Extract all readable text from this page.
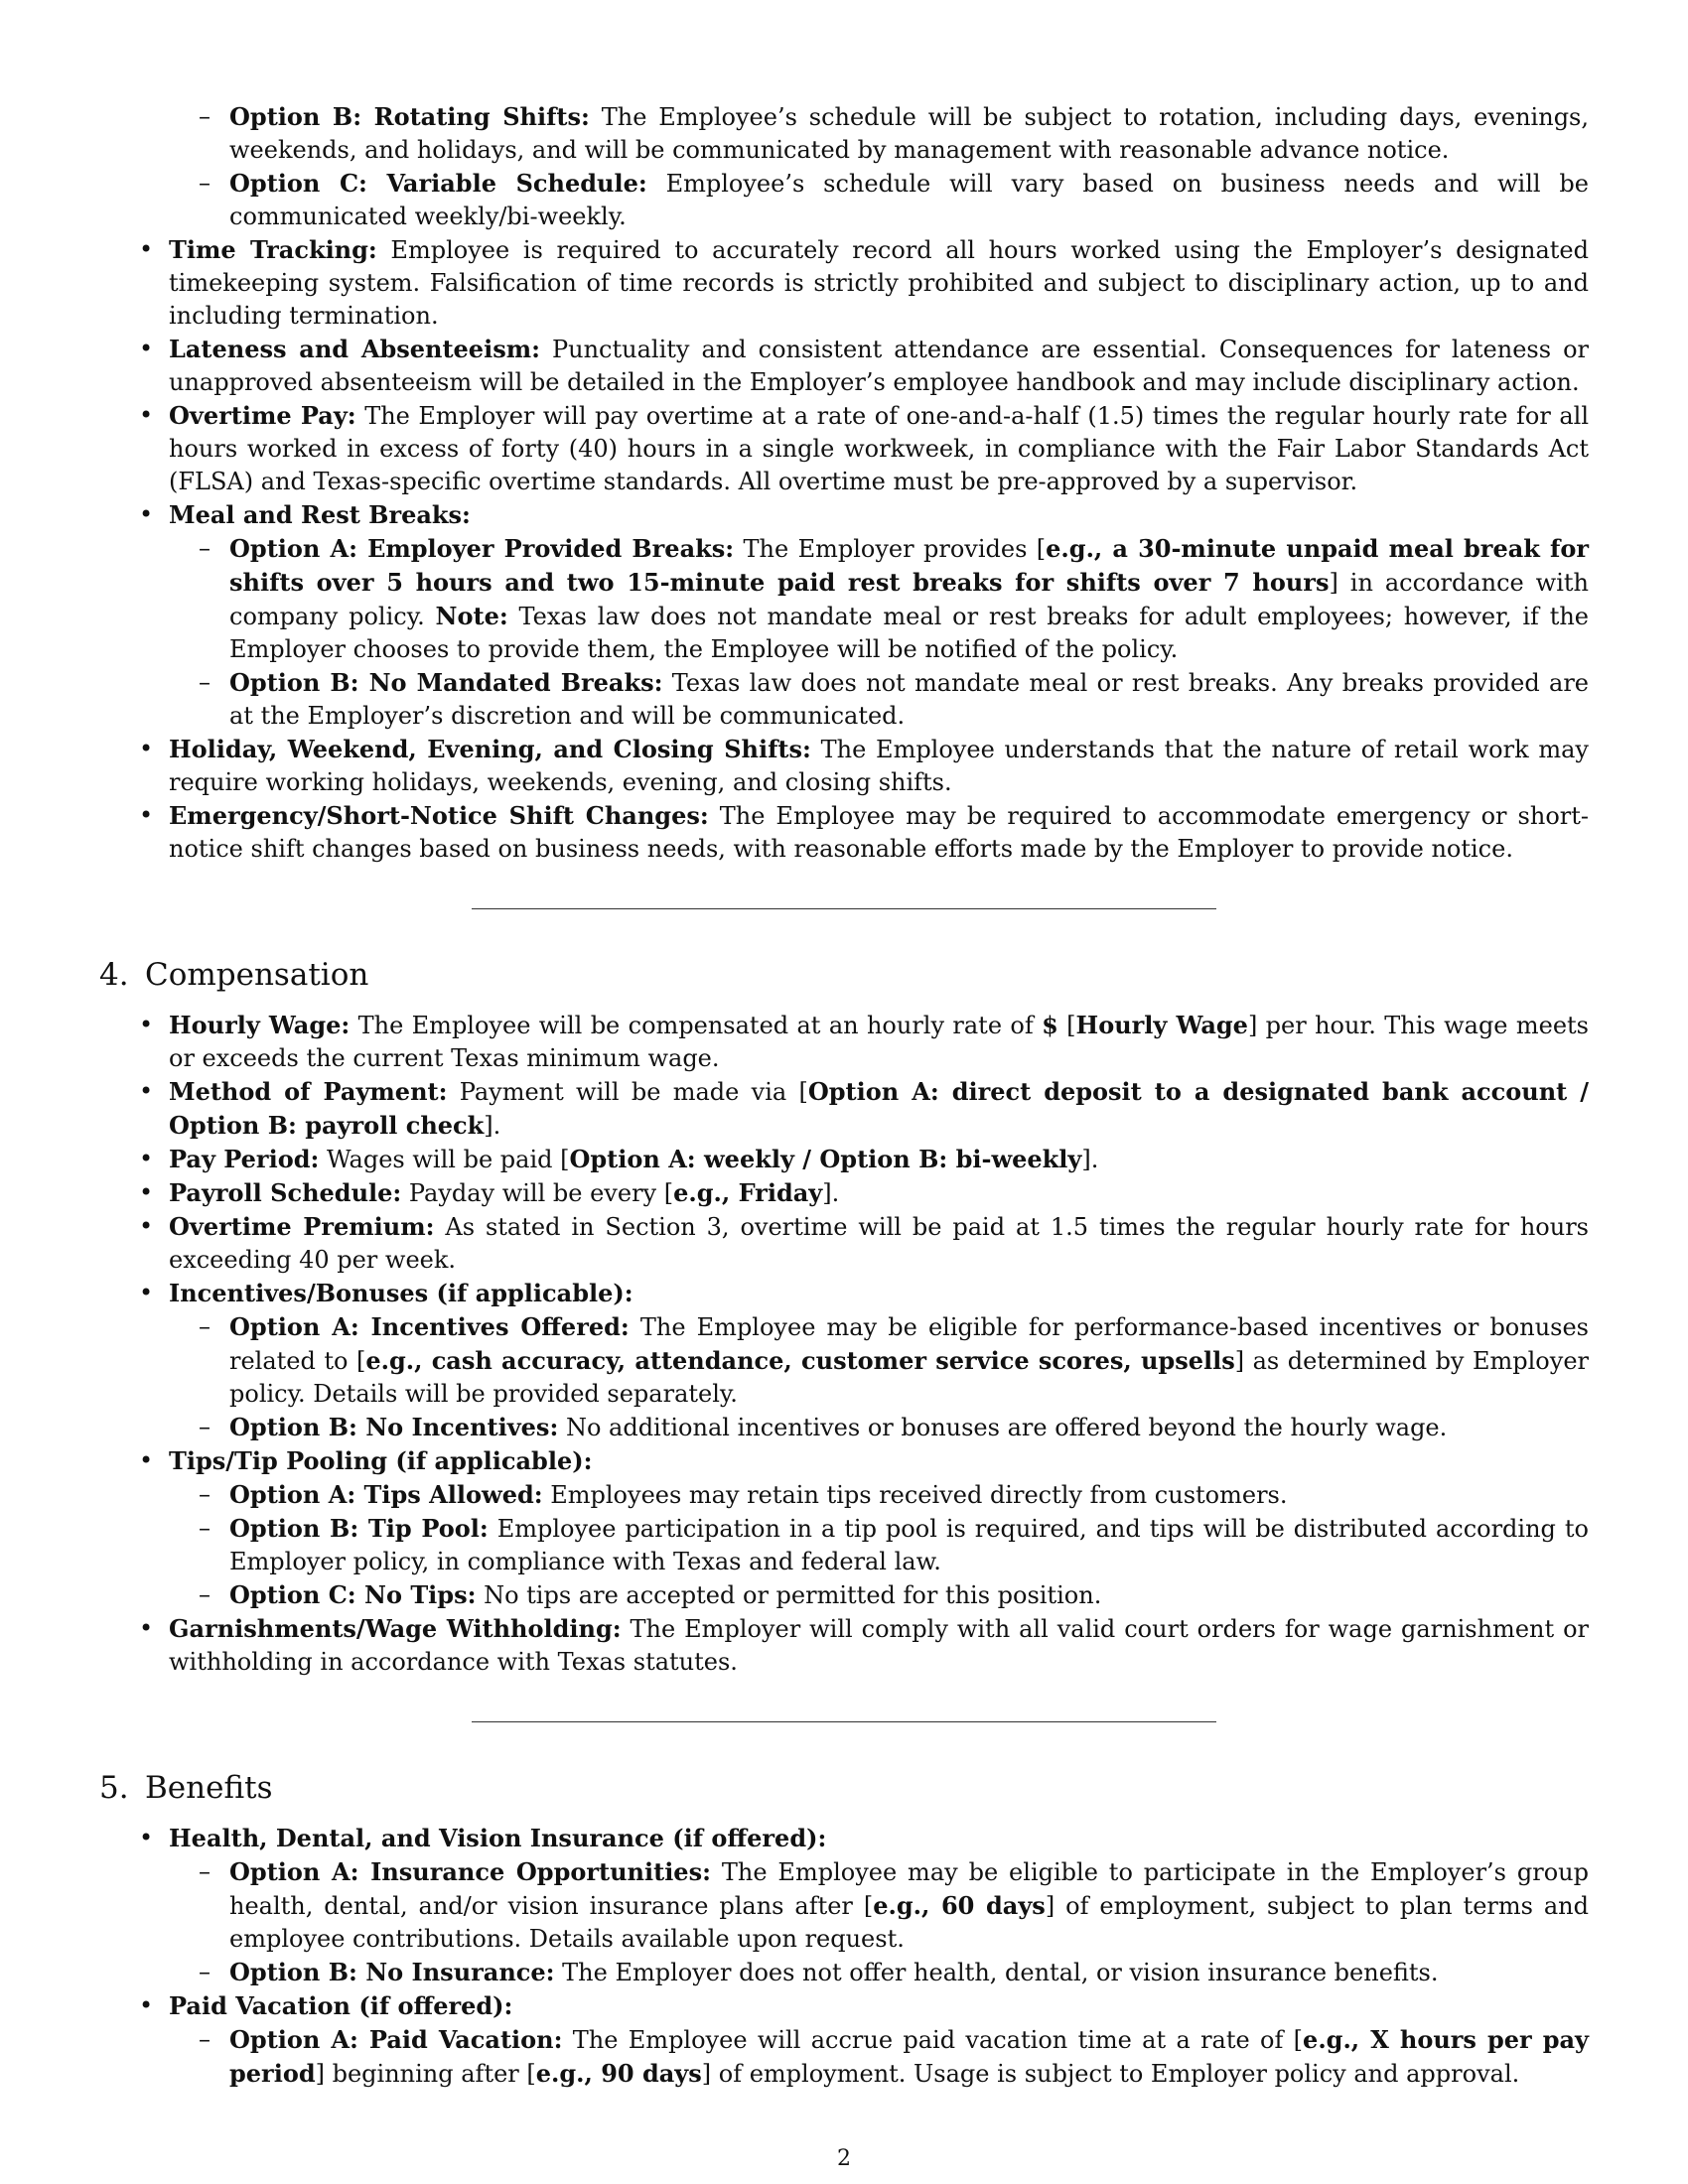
– Option B: Rotating Shifts: The Employee’s schedule will be subject to rotation, including days, evenings, weekends, and holidays, and will be communicated by management with reasonable advance notice.
– Option C: Variable Schedule: Employee’s schedule will vary based on business needs and will be communicated weekly/bi-weekly.
• Time Tracking: Employee is required to accurately record all hours worked using the Employer’s designated timekeeping system. Falsification of time records is strictly prohibited and subject to disciplinary action, up to and including termination.
• Lateness and Absenteeism: Punctuality and consistent attendance are essential. Consequences for lateness or unapproved absenteeism will be detailed in the Employer’s employee handbook and may include disciplinary action.
• Overtime Pay: The Employer will pay overtime at a rate of one-and-a-half (1.5) times the regular hourly rate for all hours worked in excess of forty (40) hours in a single workweek, in compliance with the Fair Labor Standards Act (FLSA) and Texas-specific overtime standards. All overtime must be pre-approved by a supervisor.
• Meal and Rest Breaks:
– Option A: Employer Provided Breaks: The Employer provides [e.g., a 30-minute unpaid meal break for shifts over 5 hours and two 15-minute paid rest breaks for shifts over 7 hours] in accordance with company policy. Note: Texas law does not mandate meal or rest breaks for adult employees; however, if the Employer chooses to provide them, the Employee will be notified of the policy.
– Option B: No Mandated Breaks: Texas law does not mandate meal or rest breaks. Any breaks provided are at the Employer’s discretion and will be communicated.
• Holiday, Weekend, Evening, and Closing Shifts: The Employee understands that the nature of retail work may require working holidays, weekends, evening, and closing shifts.
• Emergency/Short-Notice Shift Changes: The Employee may be required to accommodate emergency or short-notice shift changes based on business needs, with reasonable efforts made by the Employer to provide notice.
4. Compensation
• Hourly Wage: The Employee will be compensated at an hourly rate of $ [Hourly Wage] per hour. This wage meets or exceeds the current Texas minimum wage.
• Method of Payment: Payment will be made via [Option A: direct deposit to a designated bank account / Option B: payroll check].
• Pay Period: Wages will be paid [Option A: weekly / Option B: bi-weekly].
• Payroll Schedule: Payday will be every [e.g., Friday].
• Overtime Premium: As stated in Section 3, overtime will be paid at 1.5 times the regular hourly rate for hours exceeding 40 per week.
• Incentives/Bonuses (if applicable):
– Option A: Incentives Offered: The Employee may be eligible for performance-based incentives or bonuses related to [e.g., cash accuracy, attendance, customer service scores, upsells] as determined by Employer policy. Details will be provided separately.
– Option B: No Incentives: No additional incentives or bonuses are offered beyond the hourly wage.
• Tips/Tip Pooling (if applicable):
– Option A: Tips Allowed: Employees may retain tips received directly from customers.
– Option B: Tip Pool: Employee participation in a tip pool is required, and tips will be distributed according to Employer policy, in compliance with Texas and federal law.
– Option C: No Tips: No tips are accepted or permitted for this position.
• Garnishments/Wage Withholding: The Employer will comply with all valid court orders for wage garnishment or withholding in accordance with Texas statutes.
5. Benefits
• Health, Dental, and Vision Insurance (if offered):
– Option A: Insurance Opportunities: The Employee may be eligible to participate in the Employer’s group health, dental, and/or vision insurance plans after [e.g., 60 days] of employment, subject to plan terms and employee contributions. Details available upon request.
– Option B: No Insurance: The Employer does not offer health, dental, or vision insurance benefits.
• Paid Vacation (if offered):
– Option A: Paid Vacation: The Employee will accrue paid vacation time at a rate of [e.g., X hours per pay period] beginning after [e.g., 90 days] of employment. Usage is subject to Employer policy and approval.
2
